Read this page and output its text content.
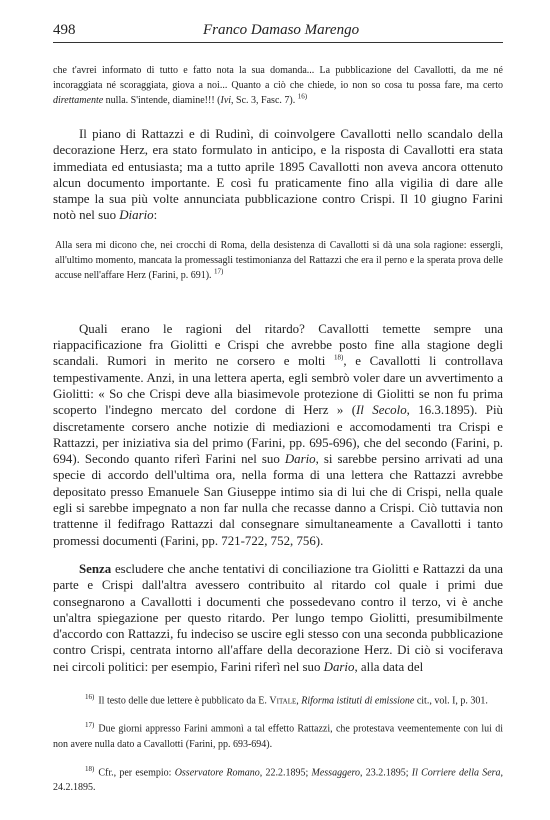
498	Franco Damaso Marengo

che t'avrei informato di tutto e fatto nota la sua domanda... La pubblicazione del Cavallotti, da me né incoraggiata né scoraggiata, giova a noi... Quanto a ciò che chiede, io non so cosa tu possa fare, ma certo direttamente nulla. S'intende, diamine!!! (Ivi, Sc. 3, Fasc. 7). $^{16)}$

Il piano di Rattazzi e di Rudinì, di coinvolgere Cavallotti nello scandalo della decorazione Herz, era stato formulato in anticipo, e la risposta di Cavallotti era stata immediata ed entusiasta; ma a tutto aprile 1895 Cavallotti non aveva ancora ottenuto alcun documento importante. E così fu praticamente fino alla vigilia di dare alle stampe la sua più volte annunciata pubblicazione contro Crispi. Il 10 giugno Farini notò nel suo Diario:

Alla sera mi dicono che, nei crocchi di Roma, della desistenza di Cavallotti si dà una sola ragione: essergli, all'ultimo momento, mancata la promessagli testimonianza del Rattazzi che era il perno e la sperata prova delle accuse nell'affare Herz (Farini, p. 691). $^{17)}$

Quali erano le ragioni del ritardo? Cavallotti temette sempre una riappacificazione fra Giolitti e Crispi che avrebbe posto fine alla stagione degli scandali. Rumori in merito ne corsero e molti $^{18)}$, e Cavallotti li controllava tempestivamente. Anzi, in una lettera aperta, egli sembrò voler dare un avvertimento a Giolitti: « So che Crispi deve alla biasimevole protezione di Giolitti se non fu prima scoperto l'indegno mercato del cordone di Herz » (Il Secolo, 16.3.1895). Più discretamente corsero anche notizie di mediazioni e accomodamenti tra Crispi e Rattazzi, per iniziativa sia del primo (Farini, pp. 695-696), che del secondo (Farini, p. 694). Secondo quanto riferì Farini nel suo Dario, si sarebbe persino arrivati ad una specie di accordo dell'ultima ora, nella forma di una lettera che Rattazzi avrebbe depositato presso Emanuele San Giuseppe intimo sia di lui che di Crispi, nella quale egli si sarebbe impegnato a non far nulla che recasse danno a Crispi. Ciò tuttavia non trattenne il fedifrago Rattazzi dal consegnare simultaneamente a Cavallotti i tanto promessi documenti (Farini, pp. 721-722, 752, 756).

Senza escludere che anche tentativi di conciliazione tra Giolitti e Rattazzi da una parte e Crispi dall'altra avessero contribuito al ritardo col quale i primi due consegnarono a Cavallotti i documenti che possedevano contro il terzo, vi è anche un'altra spiegazione per questo ritardo. Per lungo tempo Giolitti, presumibilmente d'accordo con Rattazzi, fu indeciso se uscire egli stesso con una seconda pubblicazione contro Crispi, centrata intorno all'affare della decorazione Herz. Di ciò si vociferava nei circoli politici: per esempio, Farini riferì nel suo Dario, alla data del

$^{16)}$ Il testo delle due lettere è pubblicato da E. Vitale, Riforma istituti di emissione cit., vol. I, p. 301.

$^{17)}$ Due giorni appresso Farini ammonì a tal effetto Rattazzi, che protestava veementemente con lui di non avere nulla dato a Cavallotti (Farini, pp. 693-694).

$^{18)}$ Cfr., per esempio: Osservatore Romano, 22.2.1895; Messaggero, 23.2.1895; Il Corriere della Sera, 24.2.1895.
